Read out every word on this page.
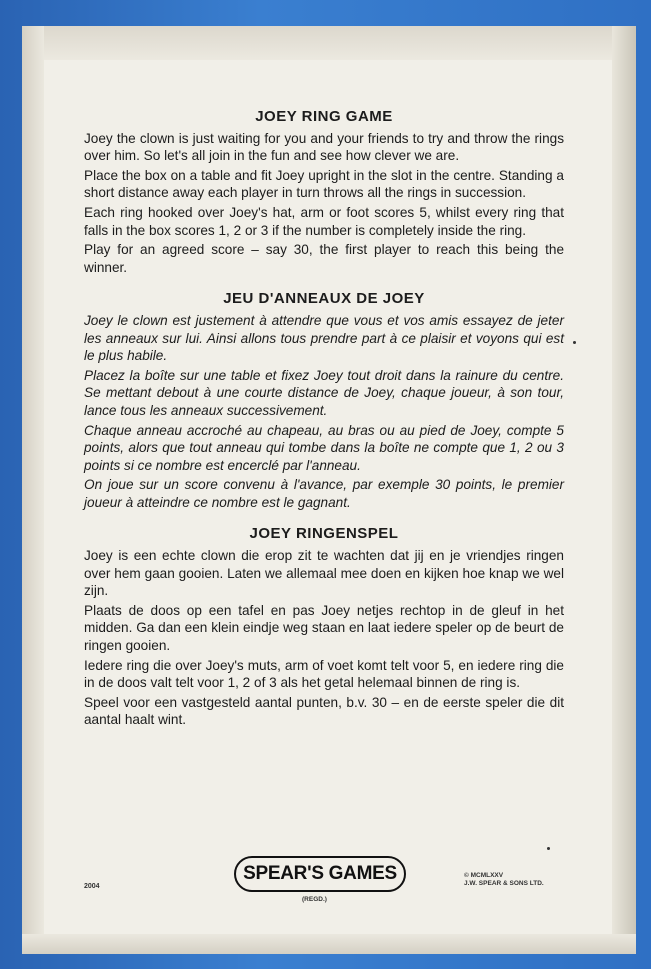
JOEY RING GAME

Joey the clown is just waiting for you and your friends to try and throw the rings over him. So let's all join in the fun and see how clever we are.

Place the box on a table and fit Joey upright in the slot in the centre. Standing a short distance away each player in turn throws all the rings in succession.

Each ring hooked over Joey's hat, arm or foot scores 5, whilst every ring that falls in the box scores 1, 2 or 3 if the number is completely inside the ring.

Play for an agreed score – say 30, the first player to reach this being the winner.

JEU D'ANNEAUX DE JOEY

Joey le clown est justement à attendre que vous et vos amis essayez de jeter les anneaux sur lui. Ainsi allons tous prendre part à ce plaisir et voyons qui est le plus habile.

Placez la boîte sur une table et fixez Joey tout droit dans la rainure du centre. Se mettant debout à une courte distance de Joey, chaque joueur, à son tour, lance tous les anneaux successivement.

Chaque anneau accroché au chapeau, au bras ou au pied de Joey, compte 5 points, alors que tout anneau qui tombe dans la boîte ne compte que 1, 2 ou 3 points si ce nombre est encerclé par l'anneau.

On joue sur un score convenu à l'avance, par exemple 30 points, le premier joueur à atteindre ce nombre est le gagnant.

JOEY RINGENSPEL

Joey is een echte clown die erop zit te wachten dat jij en je vriendjes ringen over hem gaan gooien. Laten we allemaal mee doen en kijken hoe knap we wel zijn.

Plaats de doos op een tafel en pas Joey netjes rechtop in de gleuf in het midden. Ga dan een klein eindje weg staan en laat iedere speler op de beurt de ringen gooien.

Iedere ring die over Joey's muts, arm of voet komt telt voor 5, en iedere ring die in de doos valt telt voor 1, 2 of 3 als het getal helemaal binnen de ring is.

Speel voor een vastgesteld aantal punten, b.v. 30 – en de eerste speler die dit aantal haalt wint.

2004
SPEAR'S GAMES
(REGD.)
© MCMLXXV
J.W. SPEAR & SONS LTD.
